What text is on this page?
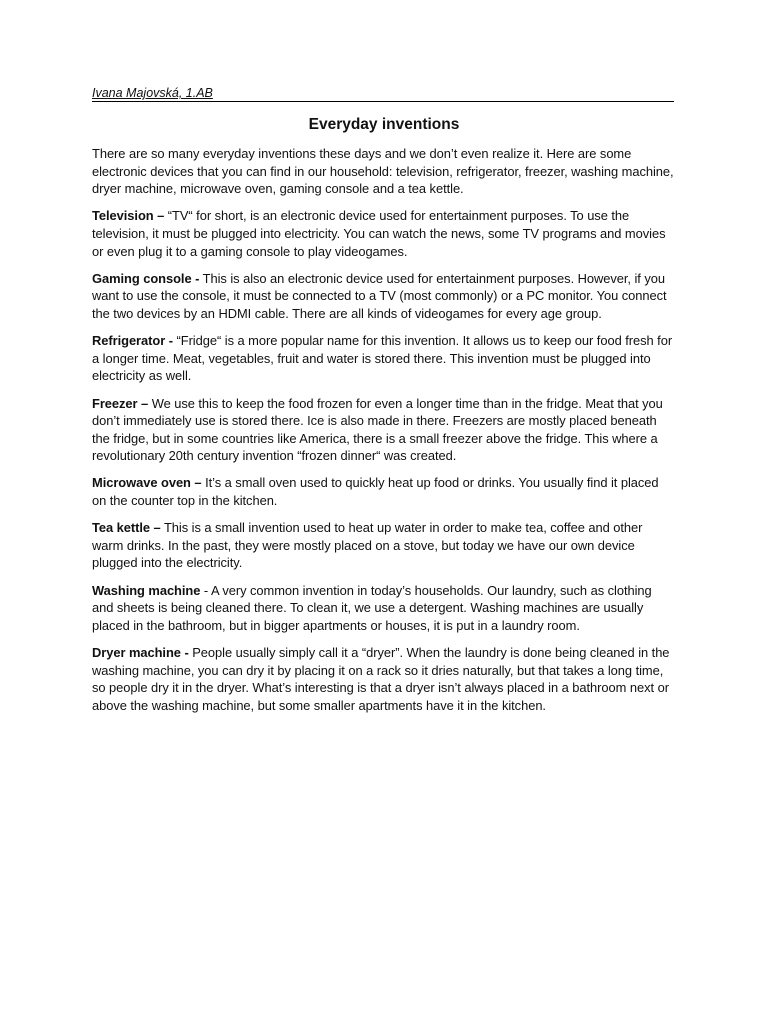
Ivana Majovská, 1.AB
Everyday inventions

There are so many everyday inventions these days and we don’t even realize it. Here are some electronic devices that you can find in our household: television, refrigerator, freezer, washing machine, dryer machine, microwave oven, gaming console and a tea kettle.

Television – “TV“ for short, is an electronic device used for entertainment purposes. To use the television, it must be plugged into electricity. You can watch the news, some TV programs and movies or even plug it to a gaming console to play videogames.

Gaming console - This is also an electronic device used for entertainment purposes. However, if you want to use the console, it must be connected to a TV (most commonly) or a PC monitor. You connect the two devices by an HDMI cable. There are all kinds of videogames for every age group.

Refrigerator - “Fridge“ is a more popular name for this invention. It allows us to keep our food fresh for a longer time. Meat, vegetables, fruit and water is stored there. This invention must be plugged into electricity as well.

Freezer – We use this to keep the food frozen for even a longer time than in the fridge. Meat that you don’t immediately use is stored there. Ice is also made in there. Freezers are mostly placed beneath the fridge, but in some countries like America, there is a small freezer above the fridge. This where a revolutionary 20th century invention “frozen dinner“ was created.

Microwave oven – It’s a small oven used to quickly heat up food or drinks. You usually find it placed on the counter top in the kitchen.

Tea kettle – This is a small invention used to heat up water in order to make tea, coffee and other warm drinks. In the past, they were mostly placed on a stove, but today we have our own device plugged into the electricity.

Washing machine - A very common invention in today’s households. Our laundry, such as clothing and sheets is being cleaned there. To clean it, we use a detergent. Washing machines are usually placed in the bathroom, but in bigger apartments or houses, it is put in a laundry room.

Dryer machine - People usually simply call it a “dryer”. When the laundry is done being cleaned in the washing machine, you can dry it by placing it on a rack so it dries naturally, but that takes a long time, so people dry it in the dryer. What’s interesting is that a dryer isn’t always placed in a bathroom next or above the washing machine, but some smaller apartments have it in the kitchen.
